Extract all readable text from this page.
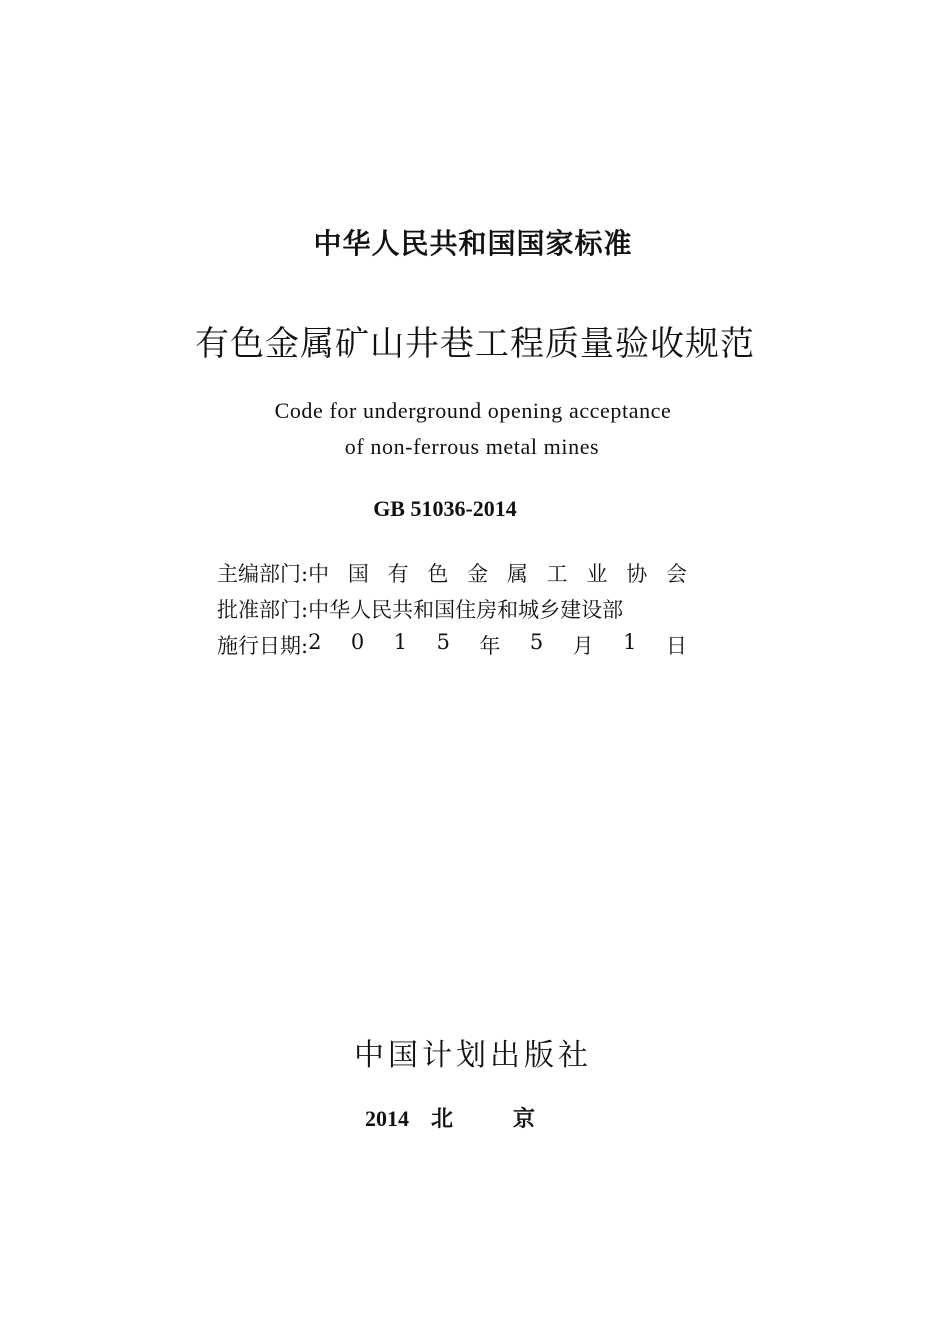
中华人民共和国国家标准
有色金属矿山井巷工程质量验收规范
Code for underground opening acceptance
of non-ferrous metal mines
GB 51036-2014
主编部门: 中 国 有 色 金 属 工 业 协 会
批准部门: 中华人民共和国住房和城乡建设部
施行日期: 2 0 1 5 年 5 月 1 日
中国计划出版社
2014 北	京
